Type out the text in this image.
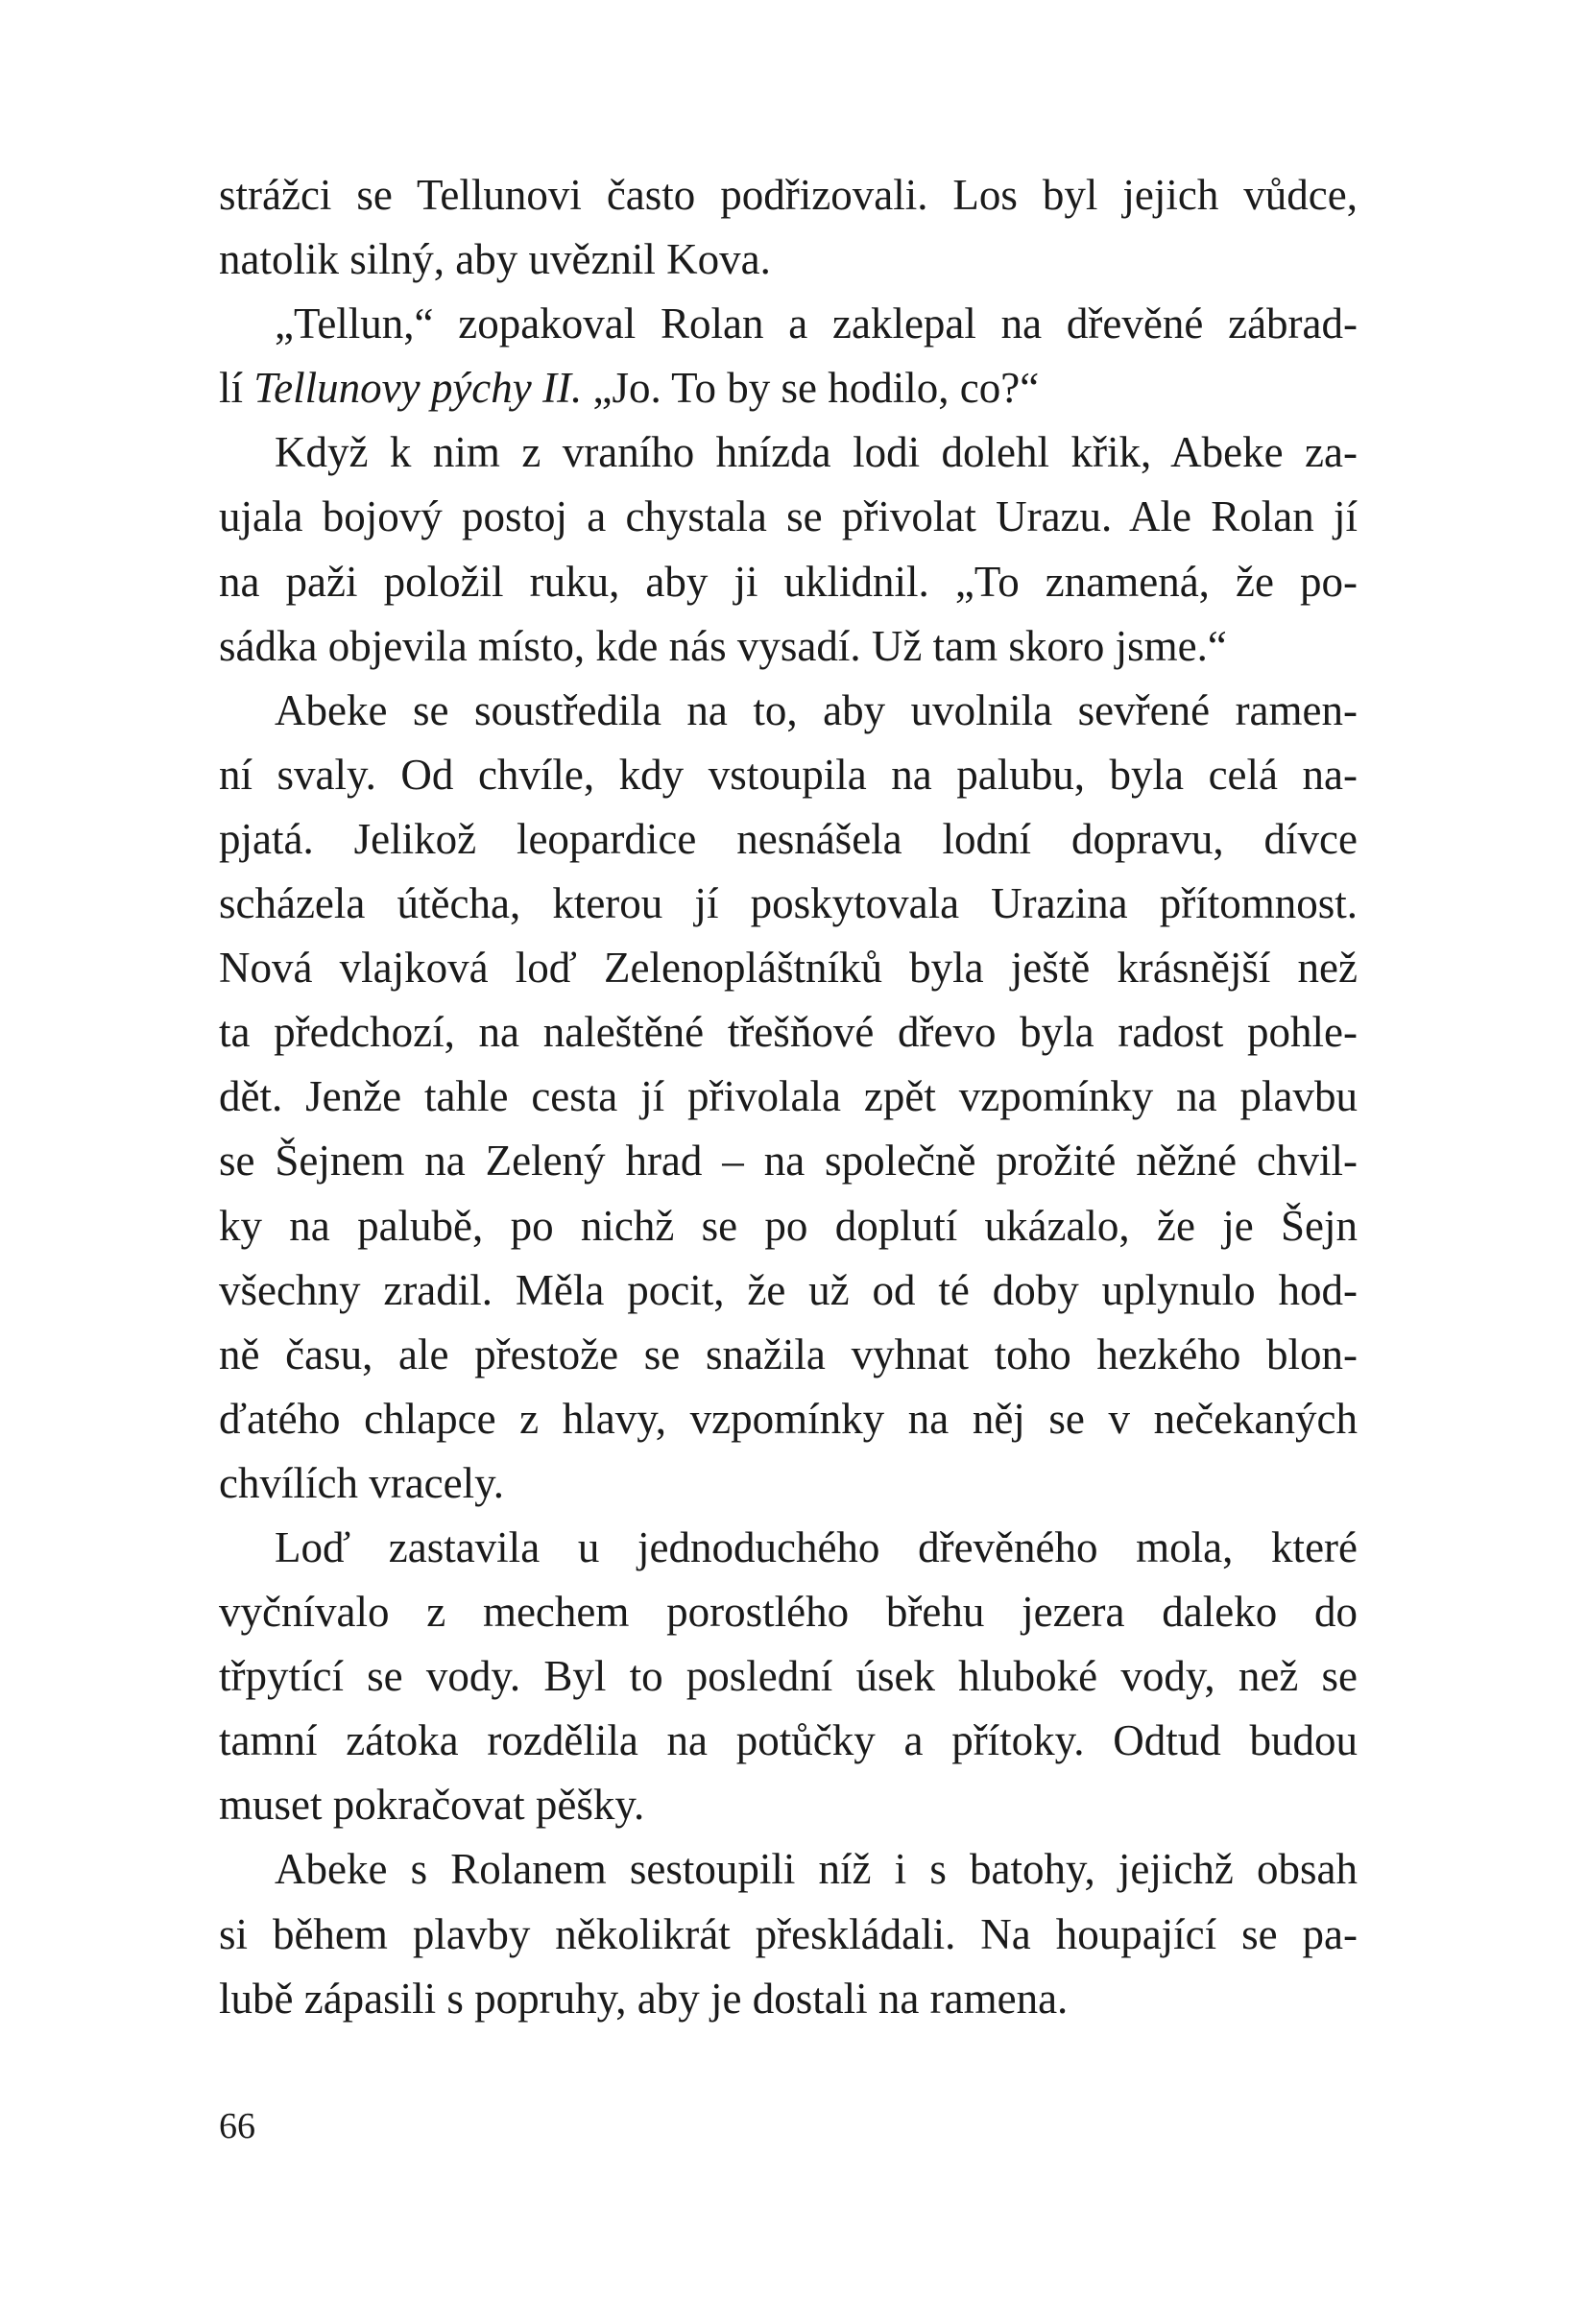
strážci se Tellunovi často podřizovali. Los byl jejich vůdce,
natolik silný, aby uvěznil Kova.
„Tellun,“ zopakoval Rolan a zaklepal na dřevěné zábrad-
lí Tellunovy pýchy II. „Jo. To by se hodilo, co?“
Když k nim z vraního hnízda lodi dolehl křik, Abeke za-
ujala bojový postoj a chystala se přivolat Urazu. Ale Rolan jí
na paži položil ruku, aby ji uklidnil. „To znamená, že po-
sádka objevila místo, kde nás vysadí. Už tam skoro jsme.“
Abeke se soustředila na to, aby uvolnila sevřené ramen-
ní svaly. Od chvíle, kdy vstoupila na palubu, byla celá na-
pjatá. Jelikož leopardice nesnášela lodní dopravu, dívce
scházela útěcha, kterou jí poskytovala Urazina přítomnost.
Nová vlajková loď Zelenopláštníků byla ještě krásnější než
ta předchozí, na naleštěné třešňové dřevo byla radost pohle-
dět. Jenže tahle cesta jí přivolala zpět vzpomínky na plavbu
se Šejnem na Zelený hrad – na společně prožité něžné chvil-
ky na palubě, po nichž se po doplutí ukázalo, že je Šejn
všechny zradil. Měla pocit, že už od té doby uplynulo hod-
ně času, ale přestože se snažila vyhnat toho hezkého blon-
ďatého chlapce z hlavy, vzpomínky na něj se v nečekaných
chvílích vracely.
Loď zastavila u jednoduchého dřevěného mola, které
vyčnívalo z mechem porostlého břehu jezera daleko do
třpytící se vody. Byl to poslední úsek hluboké vody, než se
tamní zátoka rozdělila na potůčky a přítoky. Odtud budou
muset pokračovat pěšky.
Abeke s Rolanem sestoupili níž i s batohy, jejichž obsah
si během plavby několikrát přeskládali. Na houpající se pa-
lubě zápasili s popruhy, aby je dostali na ramena.
66
